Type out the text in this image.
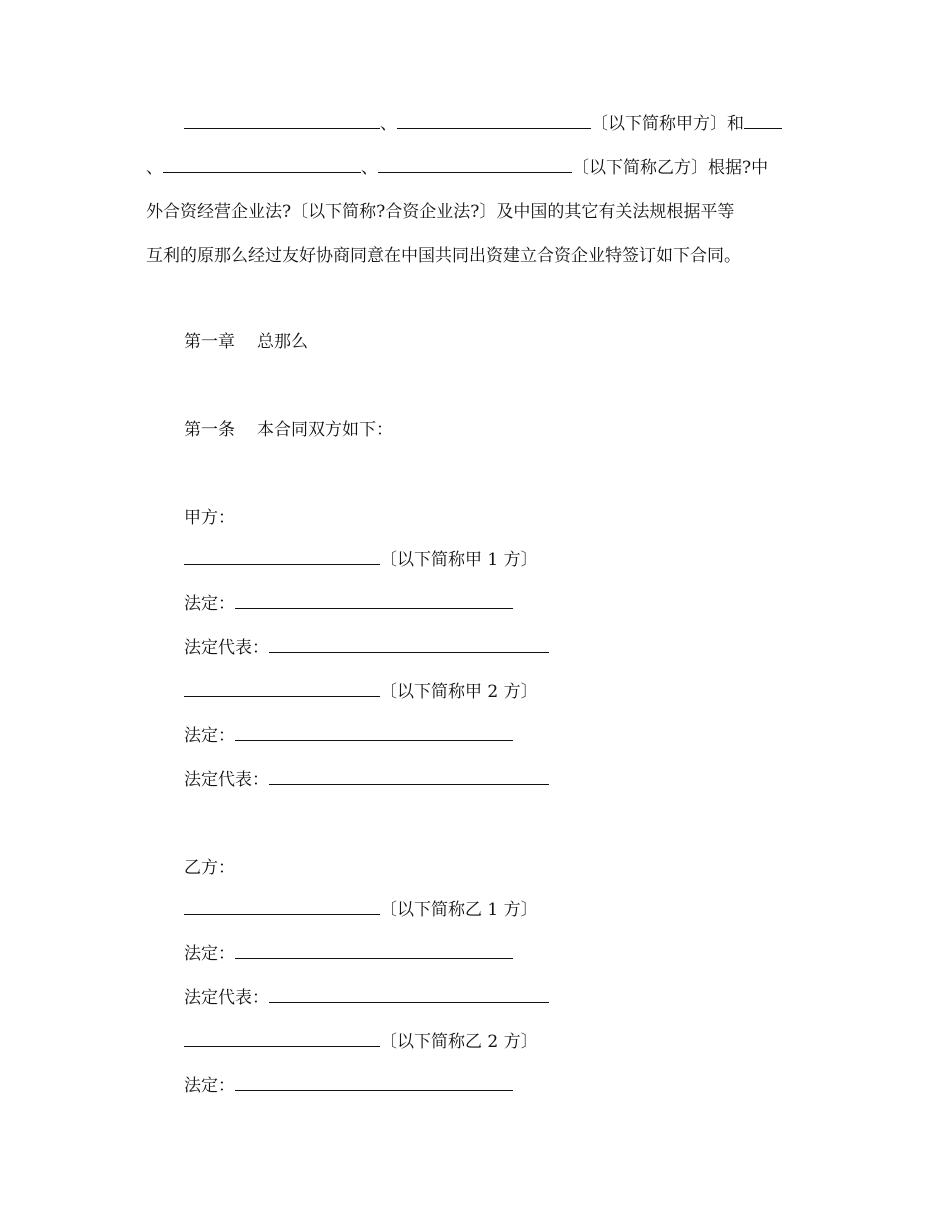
、	〔以下简称甲方〕和
、	、	〔以下简称乙方〕根据?中
外合资经营企业法?〔以下简称?合资企业法?〕及中国的其它有关法规根据平等
互利的原那么经过友好协商同意在中国共同出资建立合资企业特签订如下合同。
第一章 总那么
第一条 本合同双方如下：
甲方：
〔以下简称甲 1 方〕
法定：
法定代表：
〔以下简称甲 2 方〕
法定：
法定代表：
乙方：
〔以下简称乙 1 方〕
法定：
法定代表：
〔以下简称乙 2 方〕
法定：
